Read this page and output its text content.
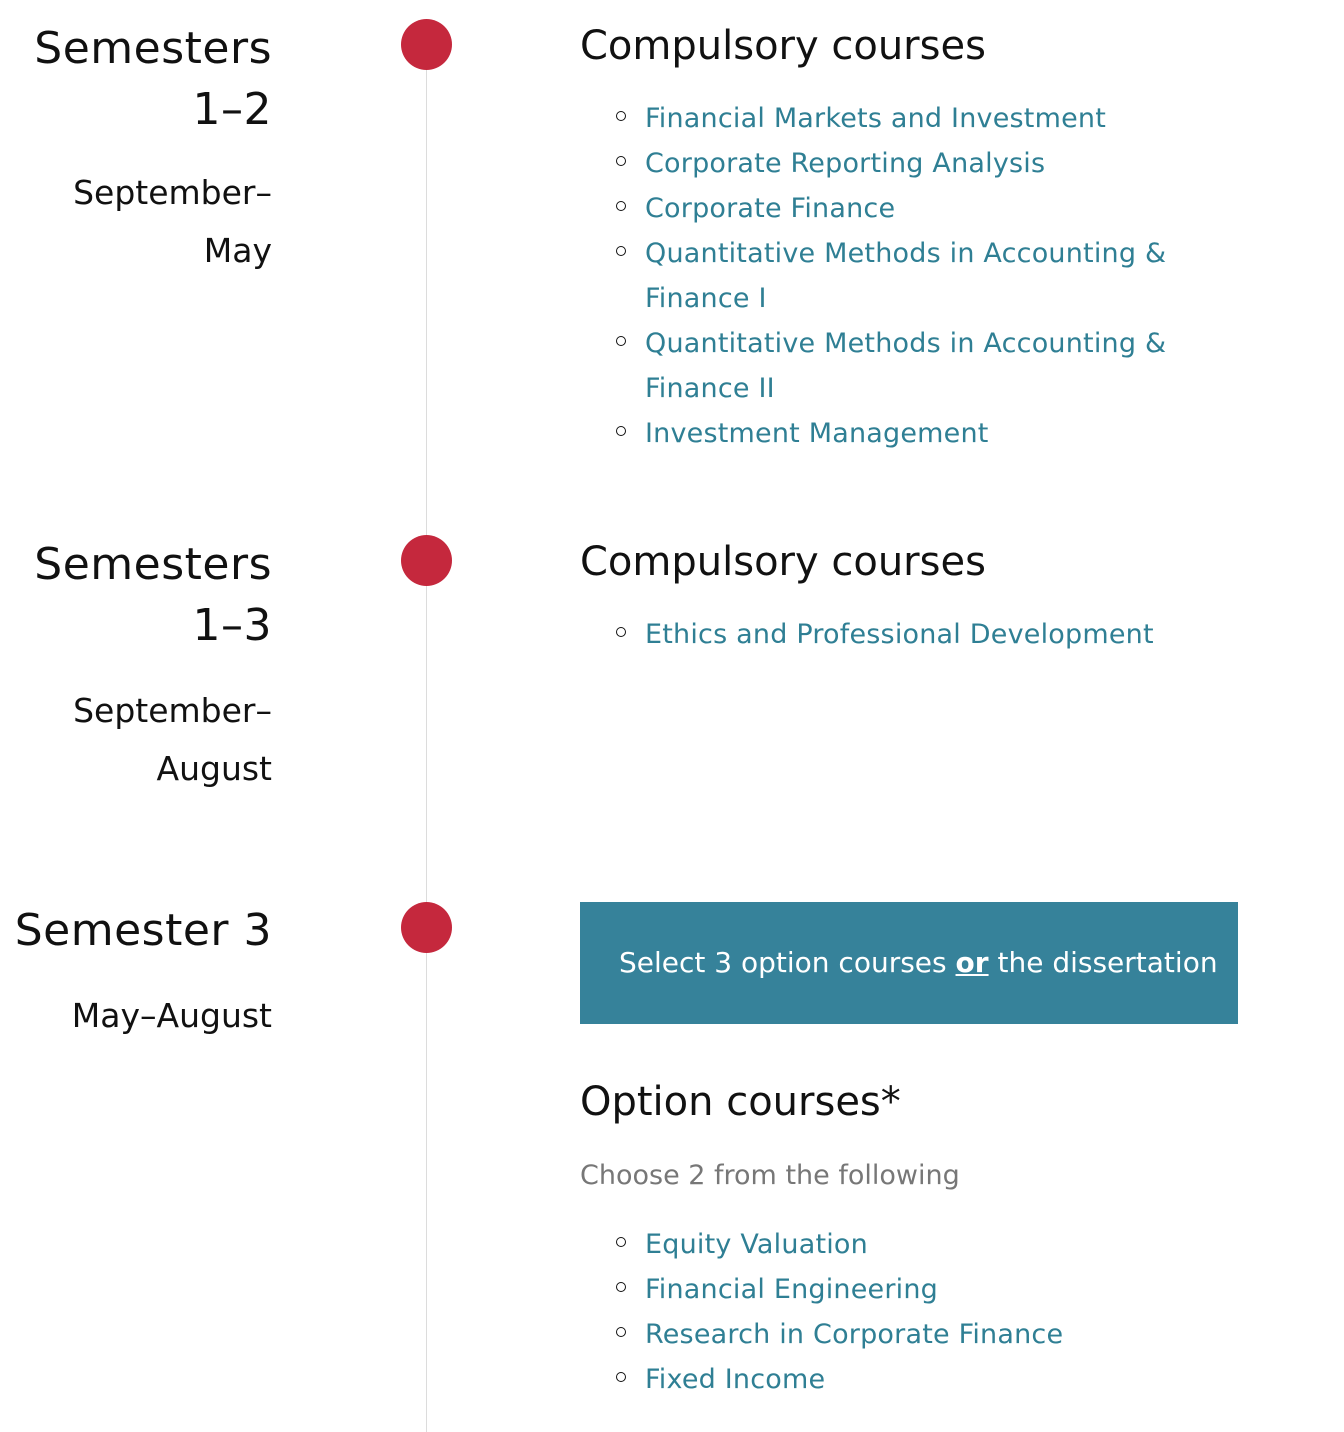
Semesters
1–2
September–
May
Compulsory courses
Financial Markets and Investment
Corporate Reporting Analysis
Corporate Finance
Quantitative Methods in Accounting & Finance I
Quantitative Methods in Accounting & Finance II
Investment Management
Semesters
1–3
September–
August
Compulsory courses
Ethics and Professional Development
Semester 3
May–August
Select 3 option courses or the dissertation
Option courses*

Choose 2 from the following

Equity Valuation
Financial Engineering
Research in Corporate Finance
Fixed Income
